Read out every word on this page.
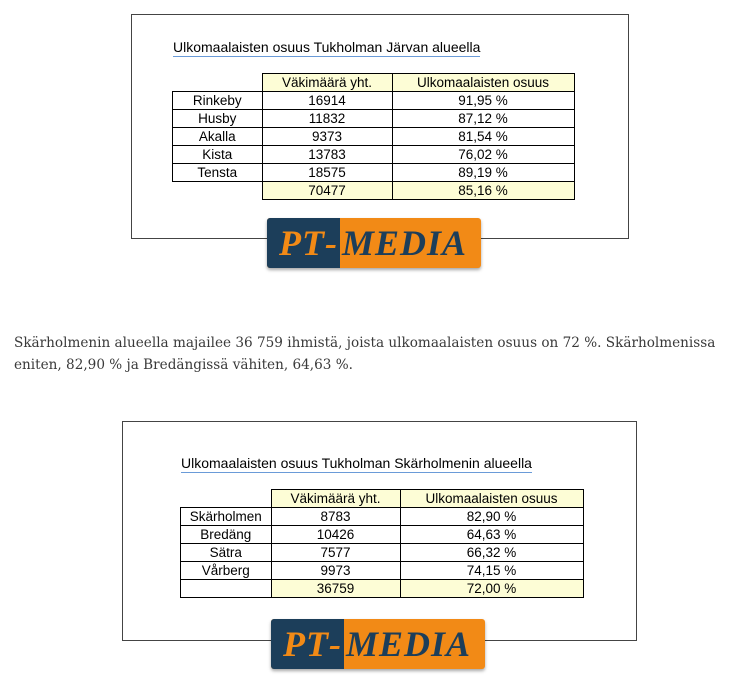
Ulkomaalaisten osuus Tukholman Järvan alueella
	Väkimäärä yht.	Ulkomaalaisten osuus
Rinkeby	16914	91,95 %
Husby	11832	87,12 %
Akalla	9373	81,54 %
Kista	13783	76,02 %
Tensta	18575	89,19 %
	70477	85,16 %
PT - MEDIA
Skärholmenin alueella majailee 36 759 ihmistä, joista ulkomaalaisten osuus on 72 %. Skärholmenissa
eniten, 82,90 % ja Bredängissä vähiten, 64,63 %.
Ulkomaalaisten osuus Tukholman Skärholmenin alueella
	Väkimäärä yht.	Ulkomaalaisten osuus
Skärholmen	8783	82,90 %
Bredäng	10426	64,63 %
Sätra	7577	66,32 %
Vårberg	9973	74,15 %
	36759	72,00 %
PT - MEDIA
